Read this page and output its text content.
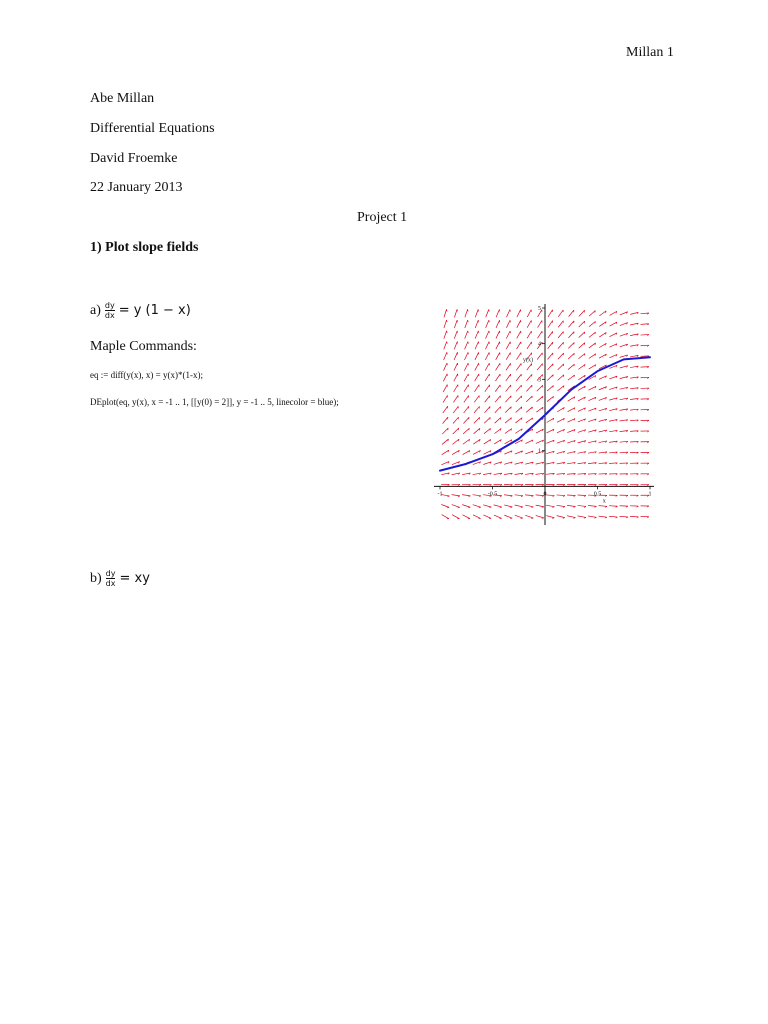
Millan 1
Abe Millan
Differential Equations
David Froemke
22 January 2013
Project 1
1) Plot slope fields
$a) \frac{dy}{dx} = y$ (1 − x)
Maple Commands:
eq := diff(y(x), x) = y(x)*(1-x);
DEplot(eq, y(x), x = -1 .. 1, [[y(0) = 2]], y = -1 .. 5, linecolor = blue);
-1	-0.5	0	0.5	1
1
3
4
5
x
y(x)
$b) \frac{dy}{dx}$ = xy
